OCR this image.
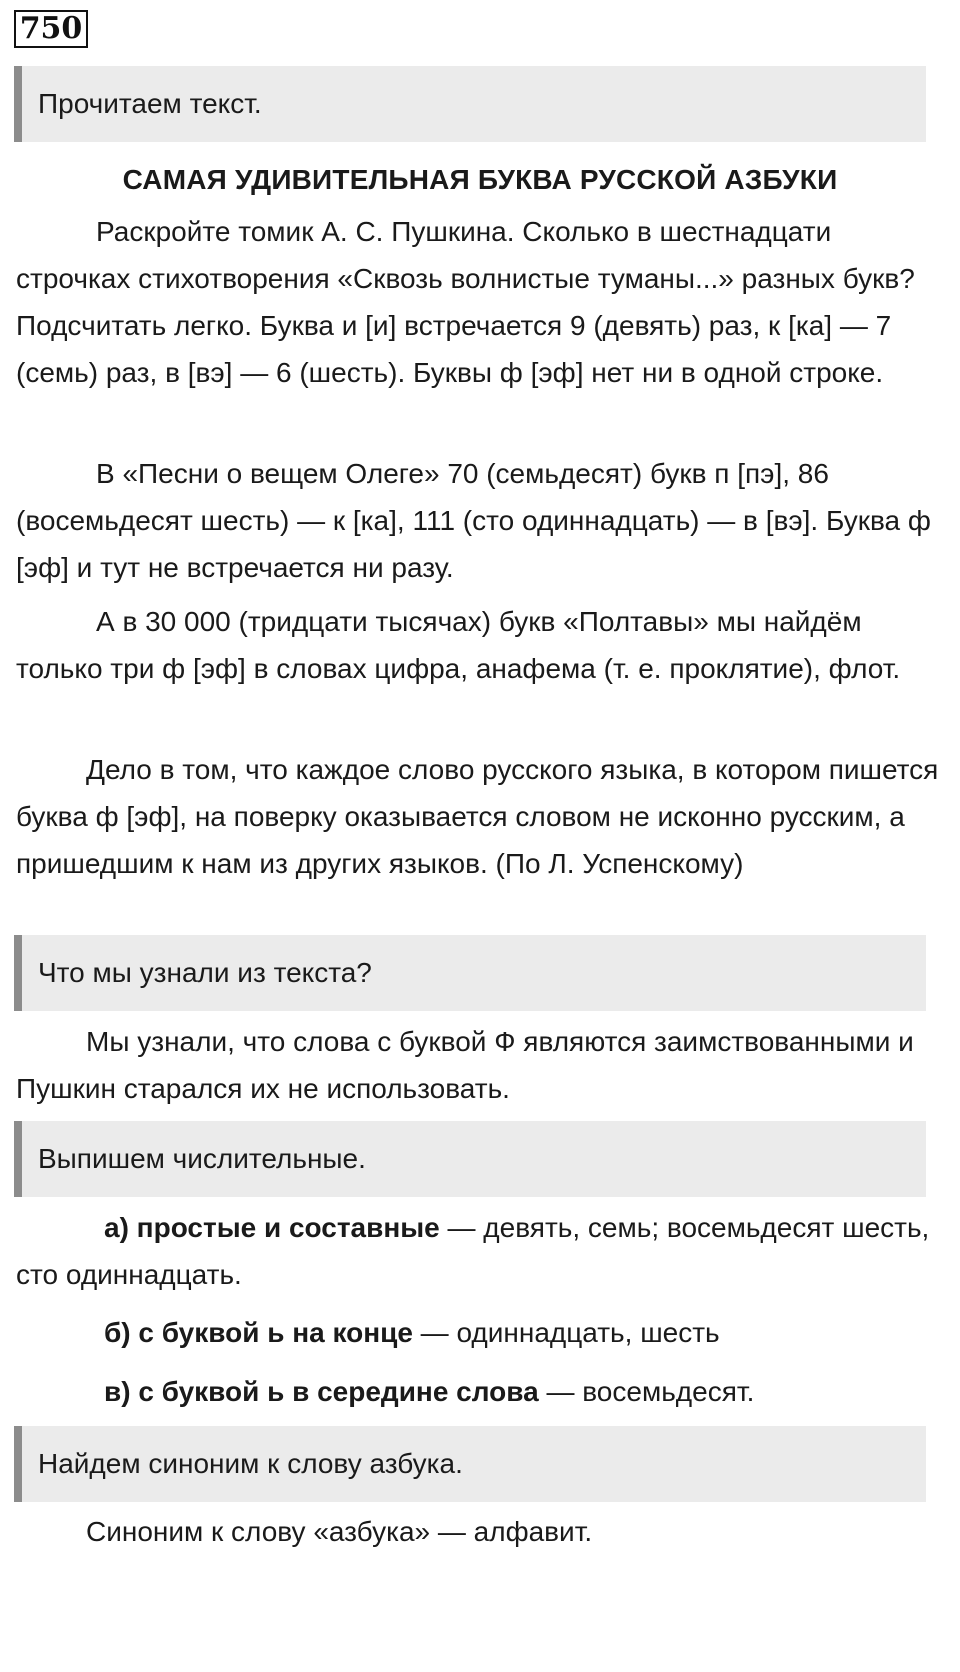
750
Прочитаем текст.
САМАЯ УДИВИТЕЛЬНАЯ БУКВА РУССКОЙ АЗБУКИ

Раскройте томик А. С. Пушкина. Сколько в шестнадцати строчках стихотворения «Сквозь волнистые туманы...» разных букв? Подсчитать легко. Буква и [и] встречается 9 (девять) раз, к [ка] — 7 (семь) раз, в [вэ] — 6 (шесть). Буквы ф [эф] нет ни в одной строке.

В «Песни о вещем Олеге» 70 (семьдесят) букв п [пэ], 86 (восемьдесят шесть) — к [ка], 111 (сто одиннадцать) — в [вэ]. Буква ф [эф] и тут не встречается ни разу.

А в 30 000 (тридцати тысячах) букв «Полтавы» мы найдём только три ф [эф] в словах цифра, анафема (т. е. проклятие), флот.

Дело в том, что каждое слово русского языка, в котором пишется буква ф [эф], на поверку оказывается словом не исконно русским, а пришедшим к нам из других языков. (По Л. Успенскому)

Что мы узнали из текста?

Мы узнали, что слова с буквой Ф являются заимствованными и Пушкин старался их не использовать.

Выпишем числительные.
а) простые и составные — девять, семь; восемьдесят шесть, сто одиннадцать.
б) с буквой ь на конце — одиннадцать, шесть
в) с буквой ь в середине слова — восемьдесят.
Найдем синоним к слову азбука.

Синоним к слову «азбука» — алфавит.
